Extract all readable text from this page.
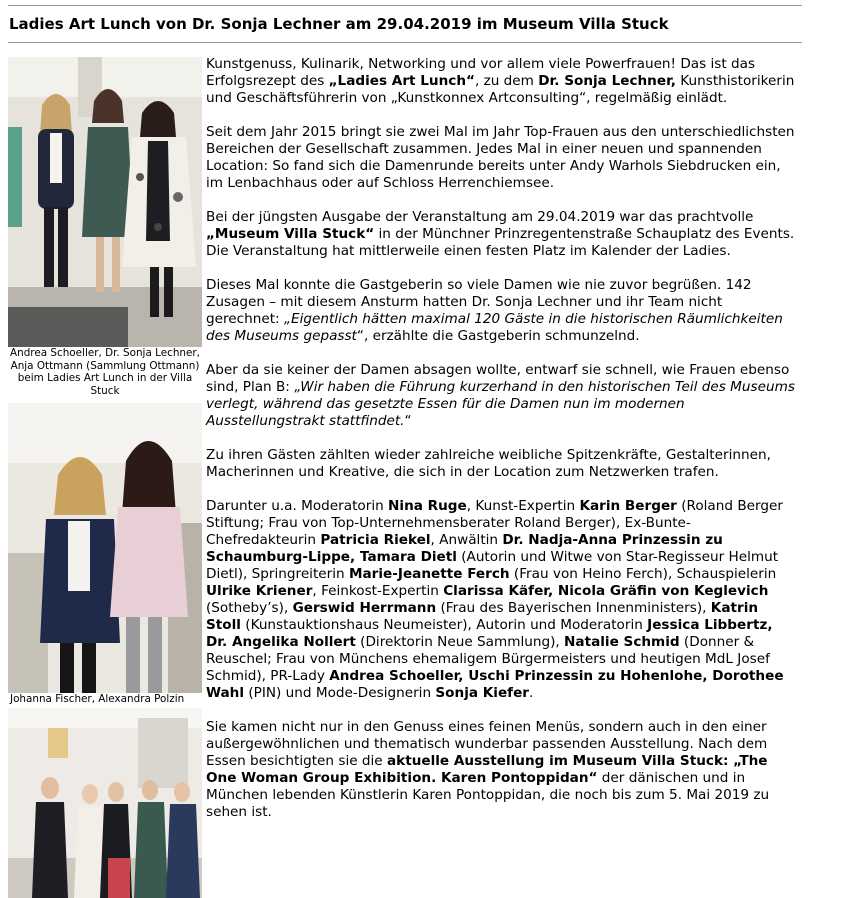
Ladies Art Lunch von Dr. Sonja Lechner am 29.04.2019 im Museum Villa Stuck
Andrea Schoeller, Dr. Sonja Lechner, Anja Ottmann (Sammlung Ottmann) beim Ladies Art Lunch in der Villa Stuck
Johanna Fischer, Alexandra Polzin

Kunstgenuss, Kulinarik, Networking und vor allem viele Powerfrauen! Das ist das Erfolgsrezept des „Ladies Art Lunch“, zu dem Dr. Sonja Lechner, Kunsthistorikerin und Geschäftsführerin von „Kunstkonnex Artconsulting“, regelmäßig einlädt.

Seit dem Jahr 2015 bringt sie zwei Mal im Jahr Top-Frauen aus den unterschiedlichsten Bereichen der Gesellschaft zusammen. Jedes Mal in einer neuen und spannenden Location: So fand sich die Damenrunde bereits unter Andy Warhols Siebdrucken ein, im Lenbachhaus oder auf Schloss Herrenchiemsee.

Bei der jüngsten Ausgabe der Veranstaltung am 29.04.2019 war das prachtvolle „Museum Villa Stuck“ in der Münchner Prinzregentenstraße Schauplatz des Events. Die Veranstaltung hat mittlerweile einen festen Platz im Kalender der Ladies.

Dieses Mal konnte die Gastgeberin so viele Damen wie nie zuvor begrüßen. 142 Zusagen – mit diesem Ansturm hatten Dr. Sonja Lechner und ihr Team nicht gerechnet: „Eigentlich hätten maximal 120 Gäste in die historischen Räumlichkeiten des Museums gepasst“, erzählte die Gastgeberin schmunzelnd.

Aber da sie keiner der Damen absagen wollte, entwarf sie schnell, wie Frauen ebenso sind, Plan B: „Wir haben die Führung kurzerhand in den historischen Teil des Museums verlegt, während das gesetzte Essen für die Damen nun im modernen Ausstellungstrakt stattfindet.“

Zu ihren Gästen zählten wieder zahlreiche weibliche Spitzenkräfte, Gestalterinnen, Macherinnen und Kreative, die sich in der Location zum Netzwerken trafen.

Darunter u.a. Moderatorin Nina Ruge, Kunst-Expertin Karin Berger (Roland Berger Stiftung; Frau von Top-Unternehmensberater Roland Berger), Ex-Bunte-Chefredakteurin Patricia Riekel, Anwältin Dr. Nadja-Anna Prinzessin zu Schaumburg-Lippe, Tamara Dietl (Autorin und Witwe von Star-Regisseur Helmut Dietl), Springreiterin Marie-Jeanette Ferch (Frau von Heino Ferch), Schauspielerin Ulrike Kriener, Feinkost-Expertin Clarissa Käfer, Nicola Gräfin von Keglevich (Sotheby’s), Gerswid Herrmann (Frau des Bayerischen Innenministers), Katrin Stoll (Kunstauktionshaus Neumeister), Autorin und Moderatorin Jessica Libbertz, Dr. Angelika Nollert (Direktorin Neue Sammlung), Natalie Schmid (Donner & Reuschel; Frau von Münchens ehemaligem Bürgermeisters und heutigen MdL Josef Schmid), PR-Lady Andrea Schoeller, Uschi Prinzessin zu Hohenlohe, Dorothee Wahl (PIN) und Mode-Designerin Sonja Kiefer.

Sie kamen nicht nur in den Genuss eines feinen Menüs, sondern auch in den einer außergewöhnlichen und thematisch wunderbar passenden Ausstellung. Nach dem Essen besichtigten sie die aktuelle Ausstellung im Museum Villa Stuck: „The One Woman Group Exhibition. Karen Pontoppidan“ der dänischen und in München lebenden Künstlerin Karen Pontoppidan, die noch bis zum 5. Mai 2019 zu sehen ist.
